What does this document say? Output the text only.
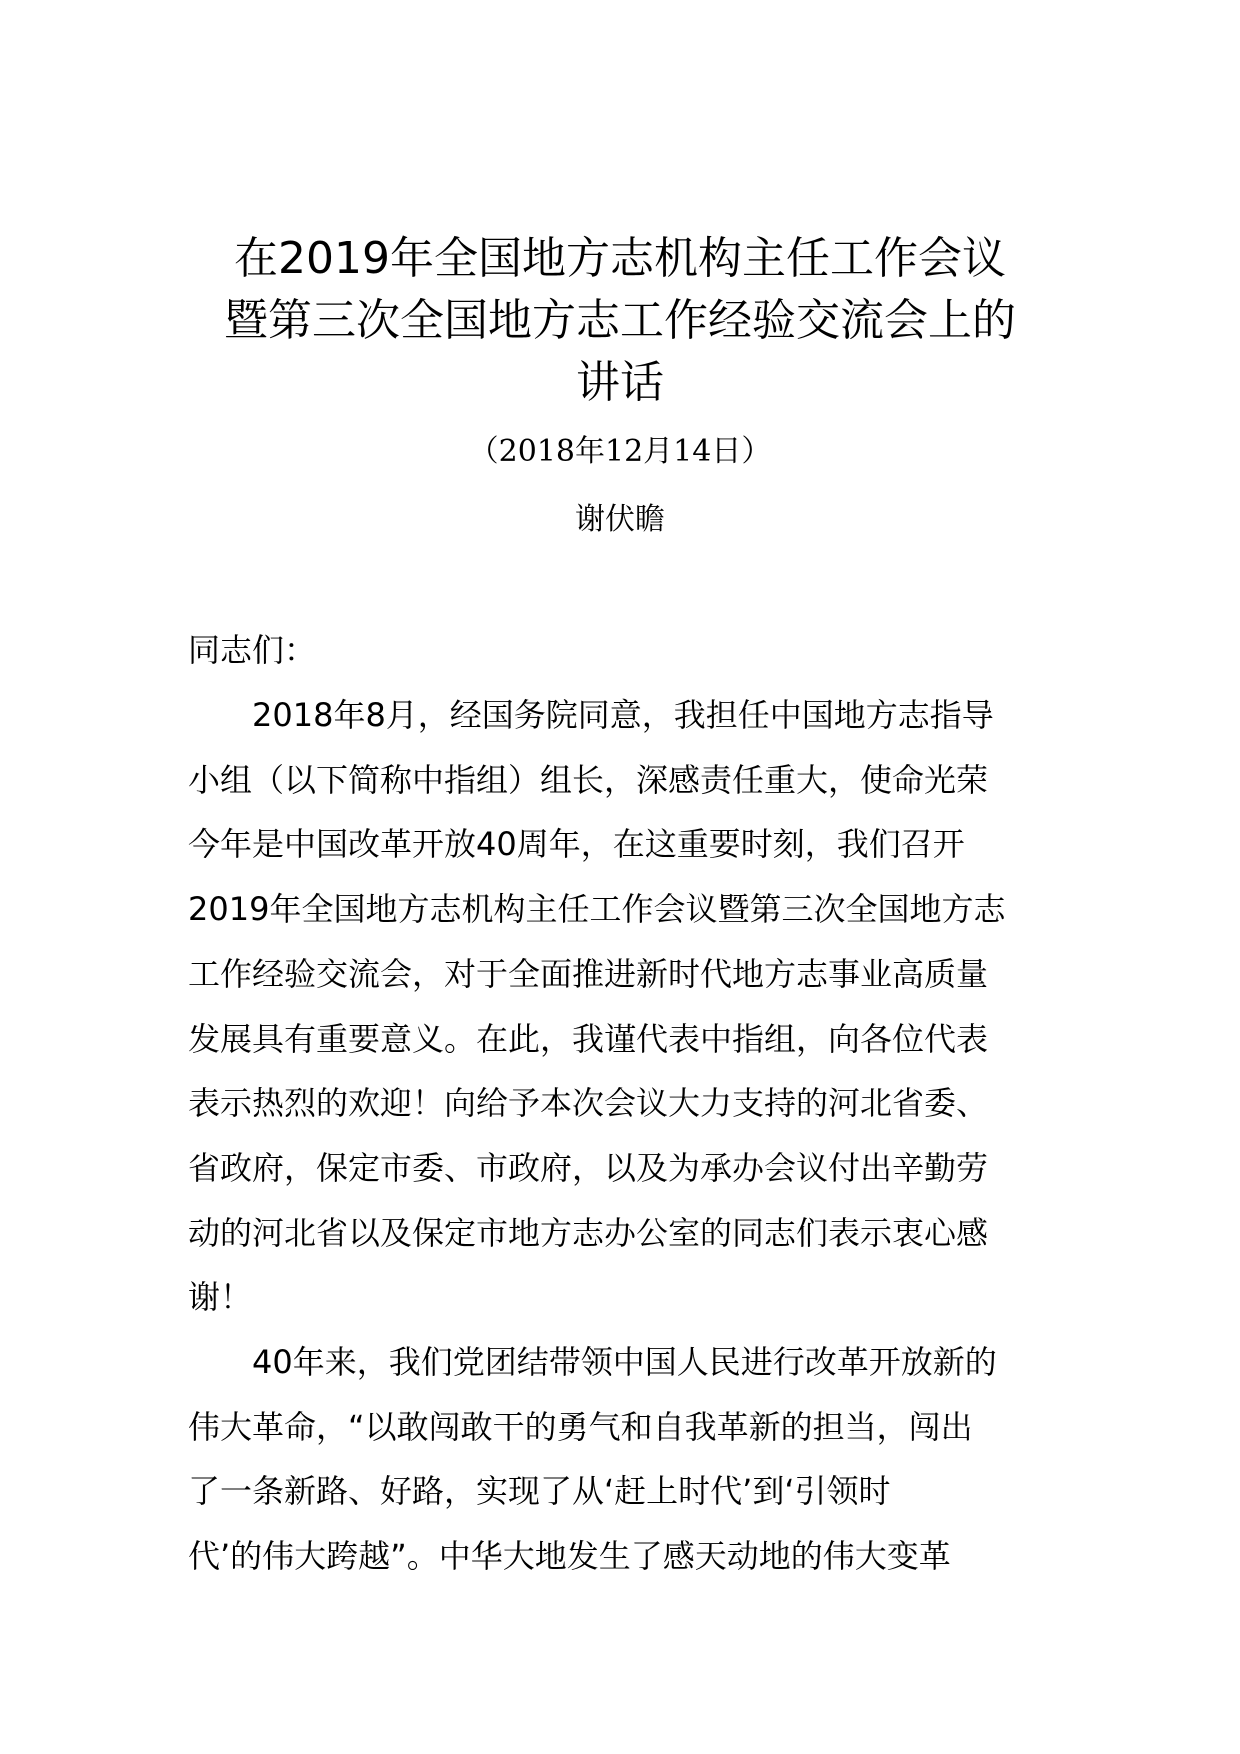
在2019年全国地方志机构主任工作会议
暨第三次全国地方志工作经验交流会上的
讲话
（2018年12月14日）
谢伏瞻
同志们：
2018年8月，经国务院同意，我担任中国地方志指导
小组（以下简称中指组）组长，深感责任重大，使命光荣
今年是中国改革开放40周年，在这重要时刻，我们召开
2019年全国地方志机构主任工作会议暨第三次全国地方志
工作经验交流会，对于全面推进新时代地方志事业高质量
发展具有重要意义。在此，我谨代表中指组，向各位代表
表示热烈的欢迎！向给予本次会议大力支持的河北省委、
省政府，保定市委、市政府，以及为承办会议付出辛勤劳
动的河北省以及保定市地方志办公室的同志们表示衷心感
谢！
40年来，我们党团结带领中国人民进行改革开放新的
伟大革命，“以敢闯敢干的勇气和自我革新的担当，闯出
了一条新路、好路，实现了从‘赶上时代’到‘引领时
代’的伟大跨越”。中华大地发生了感天动地的伟大变革
